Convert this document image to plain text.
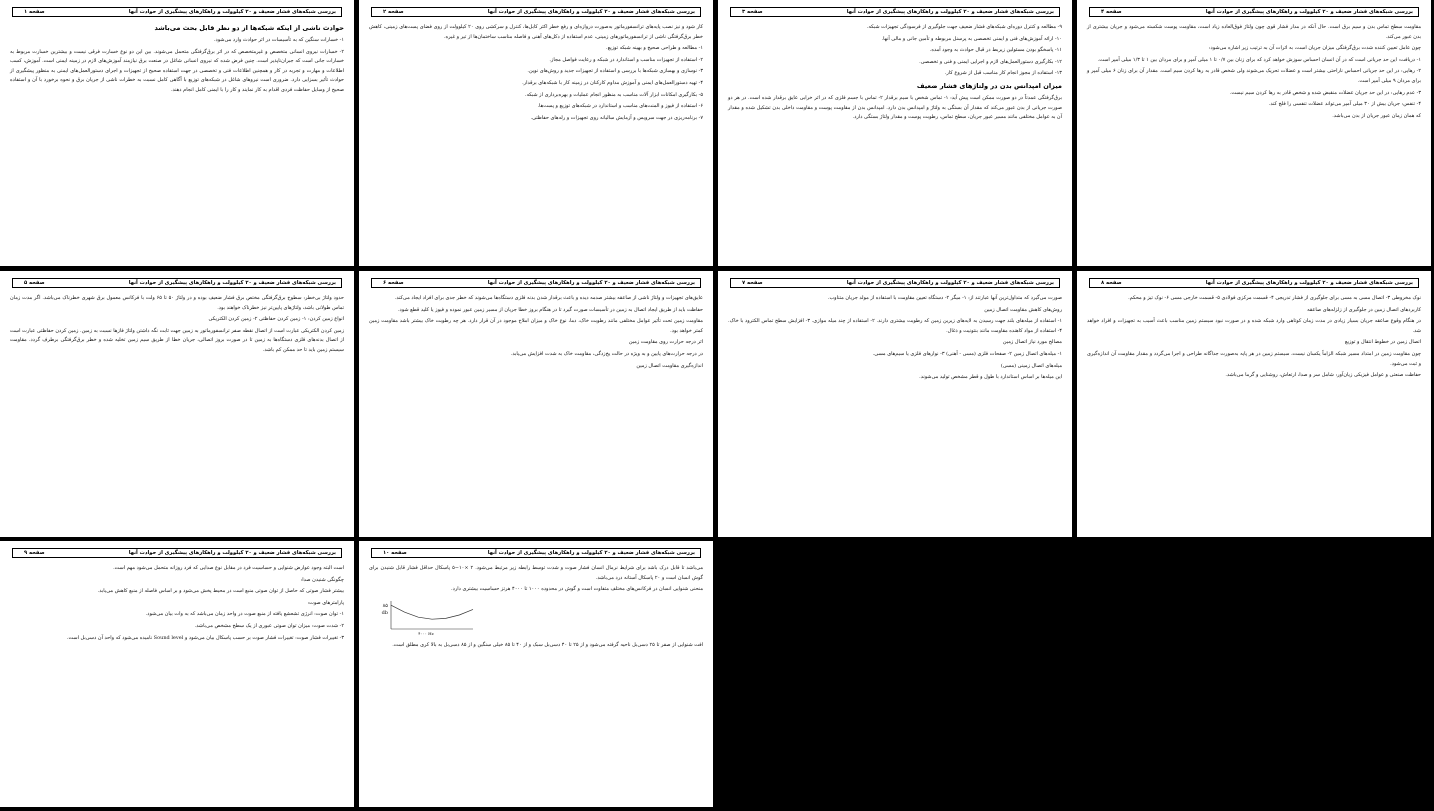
بررسی شبکه‌های فشار ضعیف و ۲۰ کیلوولت و راهکارهای پیشگیری از حوادث آنها
صفحه ۱
حوادث ناشی از اینکه شبکه‌ها از دو نظر قابل بحث می‌باشد

۱- خسارات سنگین که به تأسیسات در اثر حوادث وارد می‌شود.

۲- خسارات نیروی انسانی متخصص و غیرمتخصص که در اثر برق‌گرفتگی متحمل می‌شوند. بین این دو نوع خسارت فرقی نیست و بیشترین خسارت مربوط به خسارات جانی است که جبران‌ناپذیر است. چنین فرض شده که نیروی انسانی شاغل در صنعت برق نیازمند آموزش‌های لازم در زمینه ایمنی است. آموزش، کسب اطلاعات و مهارت و تجربه در کار و همچنین اطلاعات فنی و تخصصی در جهت استفاده صحیح از تجهیزات و اجرای دستورالعمل‌های ایمنی به منظور پیشگیری از حوادث تأثیر بسزایی دارد. ضروری است نیروهای شاغل در شبکه‌های توزیع با آگاهی کامل نسبت به خطرات ناشی از جریان برق و نحوه برخورد با آن و استفاده صحیح از وسایل حفاظت فردی اقدام به کار نمایند و کار را با ایمنی کامل انجام دهند.

بررسی شبکه‌های فشار ضعیف و ۲۰ کیلوولت و راهکارهای پیشگیری از حوادث آنها
صفحه ۲

کار شود و نیز نصب پایه‌های ترانسفورماتور به‌صورت دروازه‌ای و رفع خطر اکثر کابل‌ها، کنترل و سرکشی روی ۲۰ کیلوولت از روی فضای پست‌های زمینی، کاهش خطر برق‌گرفتگی ناشی از ترانسفورماتورهای زمینی، عدم استفاده از دکل‌های آهنی و فاصله مناسب ساختمان‌ها از تیر و غیره.

۱- مطالعه و طراحی صحیح و بهینه شبکه توزیع.

۲- استفاده از تجهیزات مناسب و استاندارد در شبکه و رعایت فواصل مجاز.

۳- نوسازی و بهسازی شبکه‌ها با بررسی و استفاده از تجهیزات جدید و روش‌های نوین.

۴- تهیه دستورالعمل‌های ایمنی و آموزش مداوم کارکنان در زمینه کار با شبکه‌های برقدار.

۵- بکارگیری امکانات ابزار آلات مناسب به منظور انجام عملیات و بهره‌برداری از شبکه.

۶- استفاده از فیوز و المنت‌های مناسب و استاندارد در شبکه‌های توزیع و پست‌ها.

۷- برنامه‌ریزی در جهت سرویس و آزمایش سالیانه روی تجهیزات و رله‌های حفاظتی.

بررسی شبکه‌های فشار ضعیف و ۲۰ کیلوولت و راهکارهای پیشگیری از حوادث آنها
صفحه ۳

۹- مطالعه و کنترل دوره‌ای شبکه‌های فشار ضعیف جهت جلوگیری از فرسودگی تجهیزات شبکه.

۱۰- ارائه آموزش‌های فنی و ایمنی تخصصی به پرسنل مربوطه و تأمین جانی و مالی آنها.

۱۱- پاسخگو بودن مسئولین زیربط در قبال حوادث به وجود آمده.

۱۲- بکارگیری دستورالعمل‌های لازم و اجرایی ایمنی و فنی و تخصصی.

۱۳- استفاده از مجوز انجام کار مناسب قبل از شروع کار.

میزان امپدانس بدن در ولتاژهای فشار ضعیف

برق‌گرفتگی عمدتاً در دو صورت ممکن است پیش آید: ۱- تماس شخص با سیم برقدار ۲- تماس با جسم فلزی که در اثر خرابی عایق برقدار شده است. در هر دو صورت جریانی از بدن عبور می‌کند که مقدار آن بستگی به ولتاژ و امپدانس بدن دارد. امپدانس بدن از مقاومت پوست و مقاومت داخلی بدن تشکیل شده و مقدار آن به عوامل مختلفی مانند مسیر عبور جریان، سطح تماس، رطوبت پوست و مقدار ولتاژ بستگی دارد.

بررسی شبکه‌های فشار ضعیف و ۲۰ کیلوولت و راهکارهای پیشگیری از حوادث آنها
صفحه ۴

مقاومت سطح تماس بدن و سیم برق است. حال آنکه در مدار فشار قوی چون ولتاژ فوق‌العاده زیاد است، مقاومت پوست شکسته می‌شود و جریان بیشتری از بدن عبور می‌کند.

چون عامل تعیین کننده شدت برق‌گرفتگی میزان جریان است، به اثرات آن به ترتیب زیر اشاره می‌شود:

۱- دریافت: این حد جریانی است که در آن انسان احساس سوزش خواهد کرد که برای زنان بین ۰/۷ تا ۱ میلی آمپر و برای مردان بین ۱ تا ۱/۳ میلی آمپر است.

۲- رهایی: در این حد جریانی احساس ناراحتی بیشتر است و عضلات تحریک می‌شوند ولی شخص قادر به رها کردن سیم است. مقدار آن برای زنان ۶ میلی آمپر و برای مردان ۹ میلی آمپر است.

۳- عدم رهایی: در این حد جریان عضلات منقبض شده و شخص قادر به رها کردن سیم نیست.

۴- تنفس: جریان بیش از ۳۰ میلی آمپر می‌تواند عضلات تنفسی را فلج کند.

که همان زمان عبور جریان از بدن می‌باشد.

بررسی شبکه‌های فشار ضعیف و ۲۰ کیلوولت و راهکارهای پیشگیری از حوادث آنها
صفحه ۵

حدود ولتاژ بی‌خطر: سطوح برق‌گرفتگی مختص برق فشار ضعیف بوده و در ولتاژ ۵۰ تا ۶۵ ولت با فرکانس معمول برق شهری خطرناک می‌باشد. اگر مدت زمان تماس طولانی باشد، ولتاژهای پایین‌تر نیز خطرناک خواهند بود.

انواع زمین کردن: ۱- زمین کردن حفاظتی ۲- زمین کردن الکتریکی

زمین کردن الکتریکی عبارت است از اتصال نقطه صفر ترانسفورماتور به زمین جهت ثابت نگه داشتن ولتاژ فازها نسبت به زمین. زمین کردن حفاظتی عبارت است از اتصال بدنه‌های فلزی دستگاه‌ها به زمین تا در صورت بروز اتصالی، جریان خطا از طریق سیم زمین تخلیه شده و خطر برق‌گرفتگی برطرف گردد. مقاومت سیستم زمین باید تا حد ممکن کم باشد.

بررسی شبکه‌های فشار ضعیف و ۲۰ کیلوولت و راهکارهای پیشگیری از حوادث آنها
صفحه ۶

عایق‌های تجهیزات و ولتاژ ناشی از صاعقه بیشتر صدمه دیده و باعث برقدار شدن بدنه فلزی دستگاه‌ها می‌شوند که خطر جدی برای افراد ایجاد می‌کند.

حفاظت باید از طریق ایجاد اتصال به زمین در تأسیسات صورت گیرد تا در هنگام بروز خطا جریان از مسیر زمین عبور نموده و فیوز یا کلید قطع شود.

مقاومت زمین تحت تأثیر عوامل مختلفی مانند رطوبت خاک، دما، نوع خاک و میزان املاح موجود در آن قرار دارد. هر چه رطوبت خاک بیشتر باشد مقاومت زمین کمتر خواهد بود.

اثر درجه حرارت روی مقاومت زمین

در درجه حرارت‌های پایین و به ویژه در حالت یخ‌زدگی، مقاومت خاک به شدت افزایش می‌یابد.

اندازه‌گیری مقاومت اتصال زمین

بررسی شبکه‌های فشار ضعیف و ۲۰ کیلوولت و راهکارهای پیشگیری از حوادث آنها
صفحه ۷

صورت می‌گیرد که متداول‌ترین آنها عبارتند از: ۱- میگر ۲- دستگاه تعیین مقاومت با استفاده از مولد جریان متناوب.

روش‌های کاهش مقاومت اتصال زمین

۱- استفاده از میله‌های بلند جهت رسیدن به لایه‌های زیرین زمین که رطوبت بیشتری دارند. ۲- استفاده از چند میله موازی. ۳- افزایش سطح تماس الکترود با خاک. ۴- استفاده از مواد کاهنده مقاومت مانند بنتونیت و ذغال.

مصالح مورد نیاز اتصال زمین

۱- میله‌های اتصال زمین ۲- صفحات فلزی (مسی - آهنی) ۳- نوارهای فلزی یا سیم‌های مسی.

میله‌های اتصال زمینی (مسی)

این میله‌ها بر اساس استاندارد با طول و قطر مشخص تولید می‌شوند.

بررسی شبکه‌های فشار ضعیف و ۲۰ کیلوولت و راهکارهای پیشگیری از حوادث آنها
صفحه ۸

نوک مخروطی ۳- اتصال مسی به مسی برای جلوگیری از فشار تدریجی ۴- قسمت مرکزی فولادی ۵- قسمت خارجی مسی ۶- نوک تیز و محکم.

کاربردهای اتصال زمین در جلوگیری از زلزله‌های صاعقه

در هنگام وقوع صاعقه جریان بسیار زیادی در مدت زمان کوتاهی وارد شبکه شده و در صورت نبود سیستم زمین مناسب باعث آسیب به تجهیزات و افراد خواهد شد.

اتصال زمین در خطوط انتقال و توزیع

چون مقاومت زمین در امتداد مسیر شبکه الزاماً یکسان نیست، سیستم زمین در هر پایه به‌صورت جداگانه طراحی و اجرا می‌گردد و مقدار مقاومت آن اندازه‌گیری و ثبت می‌شود.

حفاظت صنعتی و عوامل فیزیکی زیان‌آور: شامل سر و صدا، ارتعاش، روشنایی و گرما می‌باشد.

بررسی شبکه‌های فشار ضعیف و ۲۰ کیلوولت و راهکارهای پیشگیری از حوادث آنها
صفحه ۹

است البته وجود عوارض شنوایی و حساسیت فرد در مقابل نوع صدایی که فرد روزانه متحمل می‌شود مهم است.

چگونگی شنیدن صدا:

بیشتر فشار صوتی که حاصل از توان صوتی منبع است در محیط پخش می‌شود و بر اساس فاصله از منبع کاهش می‌یابد.

پارامترهای صوت:

۱- توان صوت: انرژی تشعشع یافته از منبع صوت در واحد زمان می‌باشد که به وات بیان می‌شود.

۲- شدت صوت: میزان توان صوتی عبوری از یک سطح مشخص می‌باشد.

۳- تغییرات فشار صوت: تغییرات فشار صوت بر حسب پاسکال بیان می‌شود و Sound level نامیده می‌شود که واحد آن دسی‌بل است.

بررسی شبکه‌های فشار ضعیف و ۲۰ کیلوولت و راهکارهای پیشگیری از حوادث آنها
صفحه ۱۰

می‌باشد تا قابل درک باشد برای شرایط نرمال انسان فشار صوت و شدت توسط رابطه زیر مرتبط می‌شود. ۲ ×۱۰−۵ پاسکال حداقل فشار قابل شنیدن برای گوش انسان است و ۲۰ پاسکال آستانه درد می‌باشد.

منحنی شنوایی انسان در فرکانس‌های مختلف متفاوت است و گوش در محدوده ۱۰۰۰ تا ۴۰۰۰ هرتز حساسیت بیشتری دارد.

۸۵
db
۴۰۰۰ Hz

افت شنوایی از صفر تا ۲۵ دسی‌بل ناحیه گرفته می‌شود و از ۲۵ تا ۴۰ دسی‌بل سبک و از ۴۰ تا ۸۵ خیلی سنگین و از ۸۵ دسی‌بل به بالا کری مطلق است.
